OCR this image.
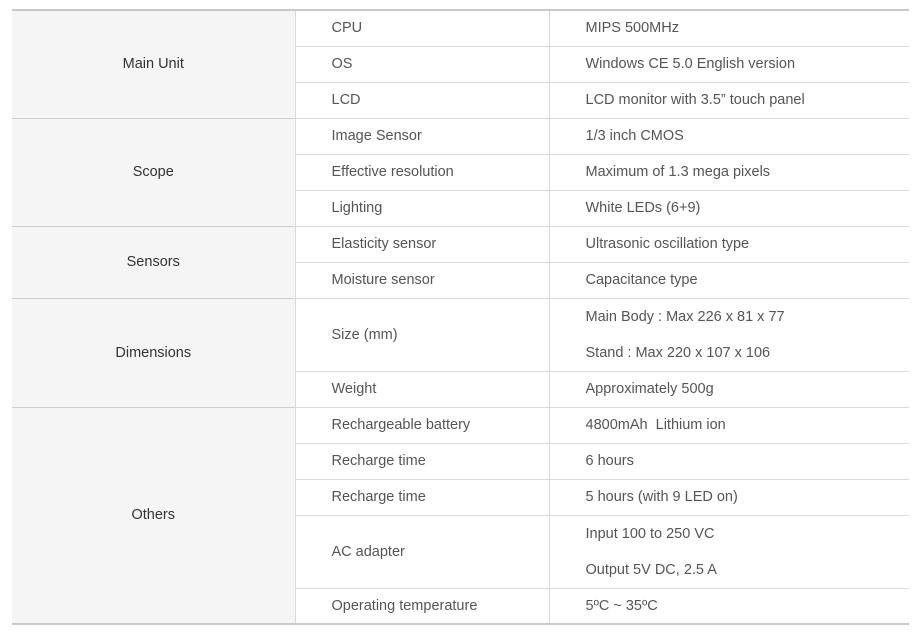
Main Unit	CPU	MIPS 500MHz
	OS	Windows CE 5.0 English version
	LCD	LCD monitor with 3.5” touch panel
Scope	Image Sensor	1/3 inch CMOS
	Effective resolution	Maximum of 1.3 mega pixels
	Lighting	White LEDs (6+9)
Sensors	Elasticity sensor	Ultrasonic oscillation type
	Moisture sensor	Capacitance type
Dimensions	Size (mm)	Main Body : Max 226 x 81 x 77
Stand : Max 220 x 107 x 106

	Weight	Approximately 500g
Others	Rechargeable battery	4800mAh  Lithium ion
	Recharge time	6 hours
	Recharge time	5 hours (with 9 LED on)
	AC adapter	Input 100 to 250 VC
Output 5V DC, 2.5 A

	Operating temperature	5ºC ~ 35ºC
